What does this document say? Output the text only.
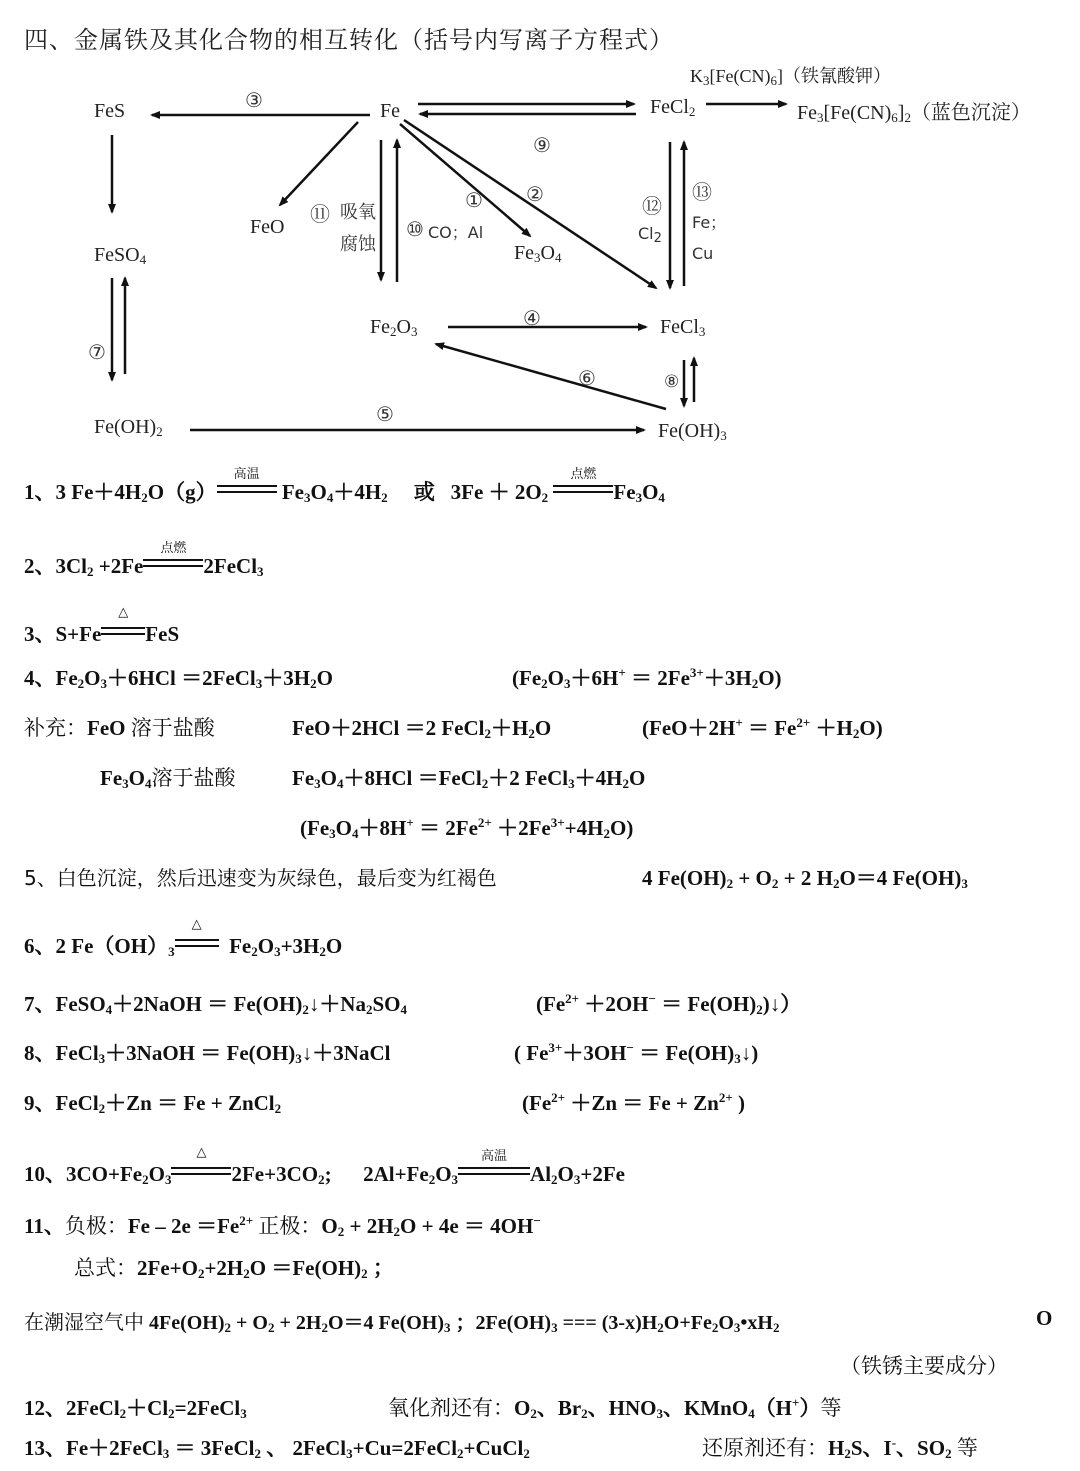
四、金属铁及其化合物的相互转化（括号内写离子方程式）
FeS	Fe	FeCl$_2$
$K_3[Fe(CN)_6]$（铁氰酸钾）
$Fe_3[Fe(CN)_6]_2$（蓝色沉淀）
FeO
FeSO$_4$	$Fe_3O_4$
$Fe_2O_3$	FeCl$_3$
$Fe(OH)_2$	$Fe(OH)_3$
③
⑨
① ②
⑪ 吸氧
腐蚀
⑩ CO；Al
⑫
$Cl_2$
⑬
Fe；
Cu
④
⑦
⑥	⑧
⑤
1、3 $Fe+4H_2O(g)$
高温
$Fe_3O_4+4H_2$ 或   $3Fe + 2O_2$
点燃
$Fe_3O_4$
2、$3Cl_2 +2Fe$
点燃
2FeCl$_3$
3、S+Fe
△
FeS
4、$Fe_2O_3+6HCl$ $=2FeCl_3+3H_2O$	$(Fe_2O_3+6H^+ = 2Fe^{3+}+3H_2O)$
补充：FeO 溶于盐酸	FeO＋2HCl ＝2 $FeCl_2+H_2O$	$(FeO+2H^+ = Fe^{2+} +H_2O)$
$Fe_3O_4$溶于盐酸	$Fe_3O_4+8HCl$ ＝FeCl$_2$＋2 $FeCl_3+4H_2O$
$(Fe_3O_4+8H^+ = 2Fe^{2+} +2Fe^{3+}+4H_2O)$
5、白色沉淀，然后迅速变为灰绿色，最后变为红褐色	4 $Fe(OH)_2 + O_2 + 2$ $H_2O=4$ $Fe(OH)_3$
6、2 $Fe(OH)_3$
△
$Fe_2O_3+3H_2O$
7、FeSO$_4$＋2NaOH ＝ $Fe(OH)_2↓+Na_2SO_4$	($Fe^{2+} +2OH^-$ ＝ $Fe(OH)_2)↓$）
8、FeCl$_3$＋3NaOH ＝ $Fe(OH)_3↓+3NaCl$	( $Fe^{3+}+3OH^-$ ＝ $Fe(OH)_3↓$)
9、FeCl$_2$＋Zn ＝ Fe + ZnCl$_2$	($Fe^{2+} +Zn = Fe + Zn^{2+}$ )
10、$3CO+Fe_2O_3$
△
$2Fe+3CO_2$;      $2Al+Fe_2O_3$
高温
$Al_2O_3+2Fe$
11、负极：$Fe - 2e =Fe^{2+}$ 正极：$O_2 + 2H_2O + 4e = 4OH^-$
总式：$2Fe+O_2+2H_2O =Fe(OH)_2$ ；
在潮湿空气中 $4Fe(OH)_2 + O_2 + 2H_2O=4$ $Fe(OH)_3$ ；$2Fe(OH)_3$ === $(3-x)H_2O+Fe_2O_3•xH_2$	O
（铁锈主要成分）
12、$2FeCl_2+Cl_2=2FeCl_3$	氧化剂还有：$O_2$、$Br_2$、$HNO_3$、KMnO$_4$（H+）等
13、Fe＋2FeCl$_3$ ＝ 3FeCl$_2$ 、 2FeCl$_3$+Cu=2FeCl$_2$+CuCl$_2$	还原剂还有：$H_2S$、I-、$SO_2$ 等
